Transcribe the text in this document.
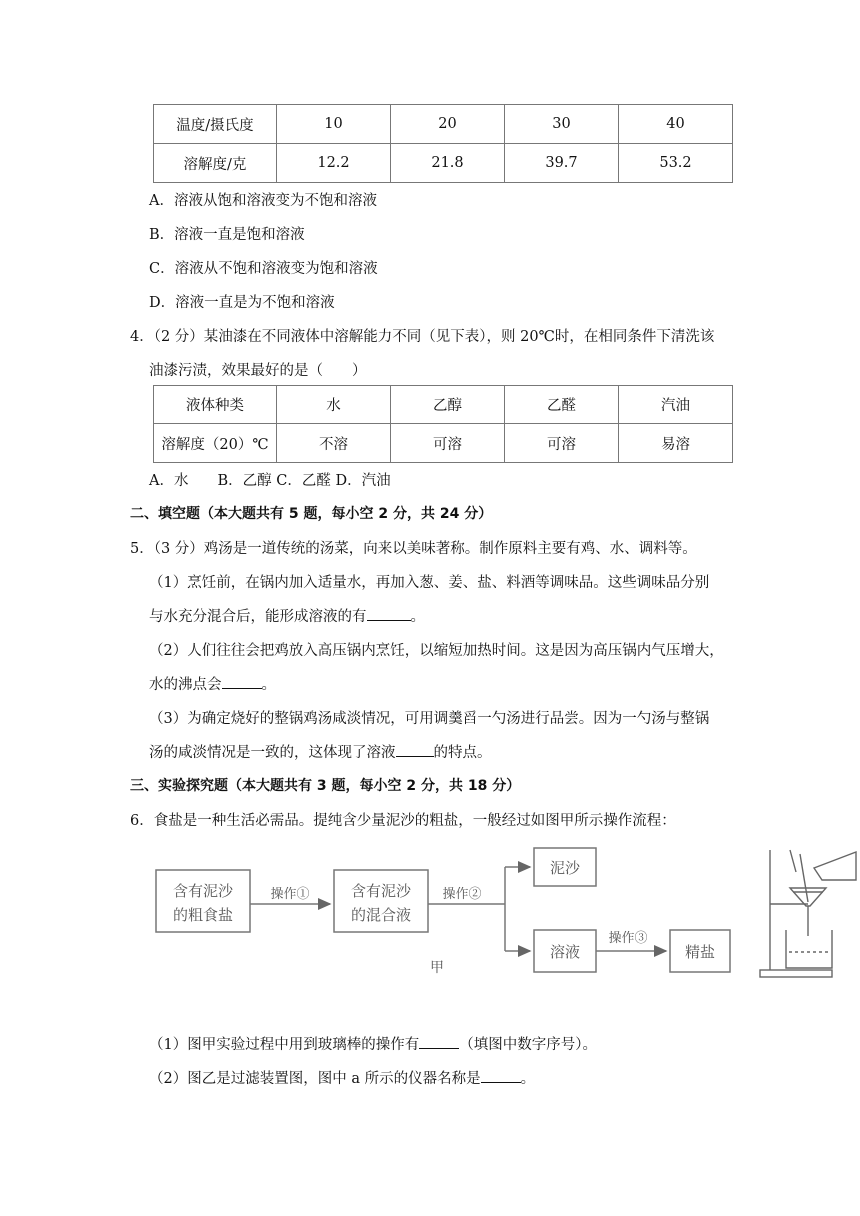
温度/摄氏度	10	20	30	40
溶解度/克	12.2	21.8	39.7	53.2
A．溶液从饱和溶液变为不饱和溶液
B．溶液一直是饱和溶液
C．溶液从不饱和溶液变为饱和溶液
D．溶液一直是为不饱和溶液
4．（2 分）某油漆在不同液体中溶解能力不同（见下表），则 20℃时，在相同条件下清洗该
油漆污渍，效果最好的是（　　）
液体种类	水	乙醇	乙醛	汽油
溶解度（20）℃	不溶	可溶	可溶	易溶
A．水　　B．乙醇 C．乙醛 D．汽油
二、填空题（本大题共有 5 题，每小空 2 分，共 24 分）
5．（3 分）鸡汤是一道传统的汤菜，向来以美味著称。制作原料主要有鸡、水、调料等。
（1）烹饪前，在锅内加入适量水，再加入葱、姜、盐、料酒等调味品。这些调味品分别
与水充分混合后，能形成溶液的有	。
（2）人们往往会把鸡放入高压锅内烹饪，以缩短加热时间。这是因为高压锅内气压增大，
水的沸点会	。
（3）为确定烧好的整锅鸡汤咸淡情况，可用调羹舀一勺汤进行品尝。因为一勺汤与整锅
汤的咸淡情况是一致的，这体现了溶液	的特点。
三、实验探究题（本大题共有 3 题，每小空 2 分，共 18 分）
6．食盐是一种生活必需品。提纯含少量泥沙的粗盐，一般经过如图甲所示操作流程：
含有泥沙
的粗食盐
含有泥沙
的混合液
泥沙
溶液	精盐
操作①	操作②
操作③
甲
（1）图甲实验过程中用到玻璃棒的操作有	（填图中数字序号）。
（2）图乙是过滤装置图，图中 a 所示的仪器名称是	。
